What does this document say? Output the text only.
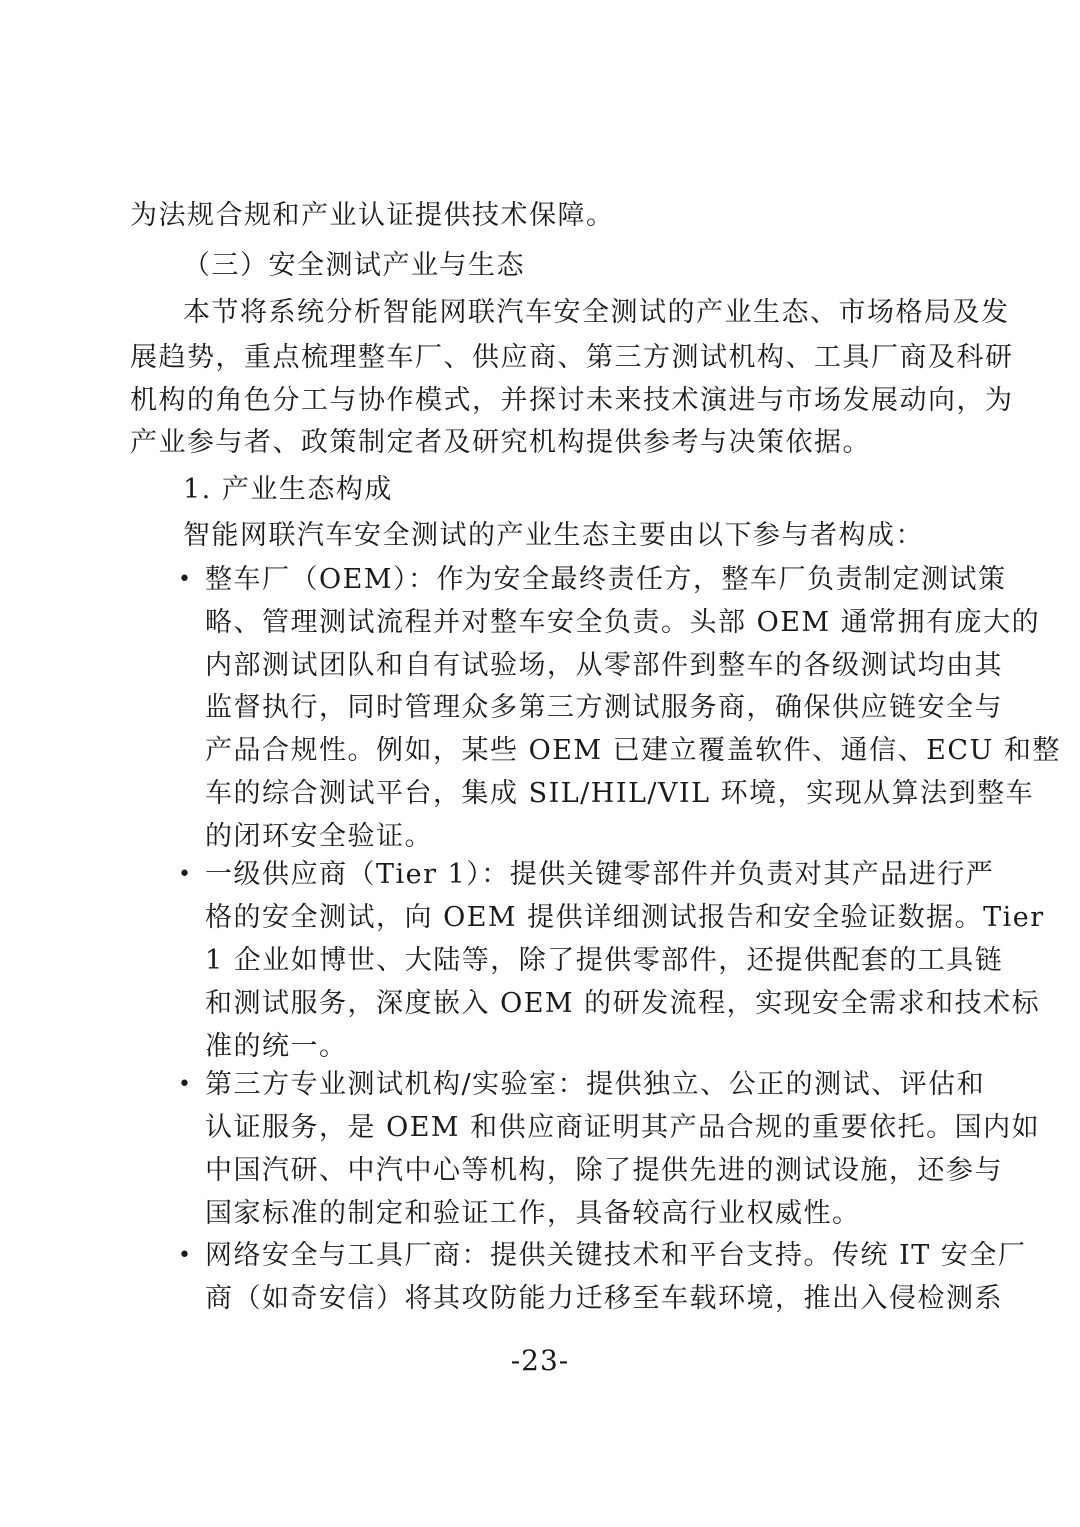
为法规合规和产业认证提供技术保障。
（三）安全测试产业与生态
本节将系统分析智能网联汽车安全测试的产业生态、市场格局及发
展趋势，重点梳理整车厂、供应商、第三方测试机构、工具厂商及科研
机构的角色分工与协作模式，并探讨未来技术演进与市场发展动向，为
产业参与者、政策制定者及研究机构提供参考与决策依据。
1. 产业生态构成
智能网联汽车安全测试的产业生态主要由以下参与者构成：
• 整车厂（OEM）：作为安全最终责任方，整车厂负责制定测试策
略、管理测试流程并对整车安全负责。头部 OEM 通常拥有庞大的
内部测试团队和自有试验场，从零部件到整车的各级测试均由其
监督执行，同时管理众多第三方测试服务商，确保供应链安全与
产品合规性。例如，某些 OEM 已建立覆盖软件、通信、ECU 和整
车的综合测试平台，集成 SIL/HIL/VIL 环境，实现从算法到整车
的闭环安全验证。
• 一级供应商（Tier 1）：提供关键零部件并负责对其产品进行严
格的安全测试，向 OEM 提供详细测试报告和安全验证数据。Tier
1 企业如博世、大陆等，除了提供零部件，还提供配套的工具链
和测试服务，深度嵌入 OEM 的研发流程，实现安全需求和技术标
准的统一。
• 第三方专业测试机构/实验室：提供独立、公正的测试、评估和
认证服务，是 OEM 和供应商证明其产品合规的重要依托。国内如
中国汽研、中汽中心等机构，除了提供先进的测试设施，还参与
国家标准的制定和验证工作，具备较高行业权威性。
• 网络安全与工具厂商：提供关键技术和平台支持。传统 IT 安全厂
商（如奇安信）将其攻防能力迁移至车载环境，推出入侵检测系
-23-
